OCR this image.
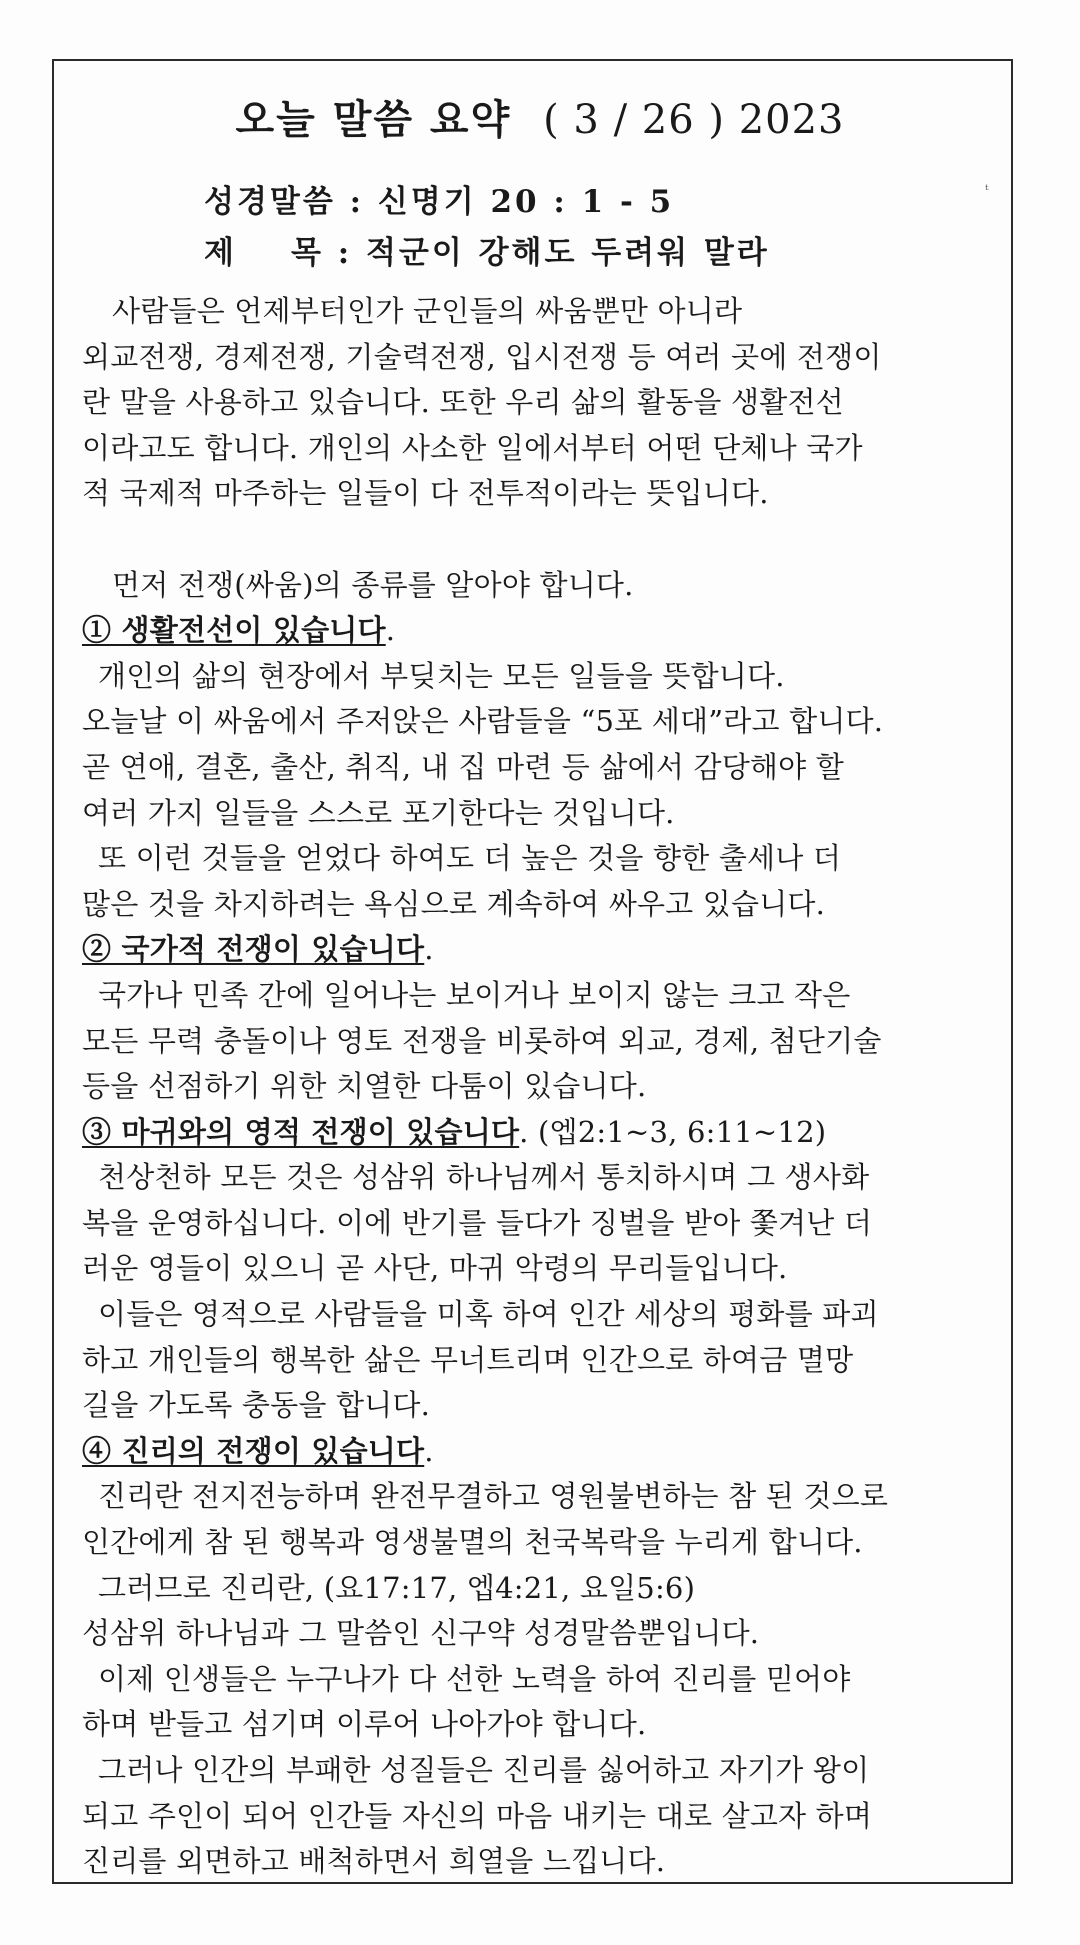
오늘 말씀 요약 ( 3 / 26 ) 2023
성경말씀 : 신명기 20 : 1 - 5
제 목 : 적군이 강해도 두려워 말라
ₜ
사람들은 언제부터인가 군인들의 싸움뿐만 아니라
외교전쟁, 경제전쟁, 기술력전쟁, 입시전쟁 등 여러 곳에 전쟁이
란 말을 사용하고 있습니다. 또한 우리 삶의 활동을 생활전선
이라고도 합니다. 개인의 사소한 일에서부터 어떤 단체나 국가
적 국제적 마주하는 일들이 다 전투적이라는 뜻입니다.
먼저 전쟁(싸움)의 종류를 알아야 합니다.
① 생활전선이 있습니다.
개인의 삶의 현장에서 부딪치는 모든 일들을 뜻합니다.
오늘날 이 싸움에서 주저앉은 사람들을 “5포 세대”라고 합니다.
곧 연애, 결혼, 출산, 취직, 내 집 마련 등 삶에서 감당해야 할
여러 가지 일들을 스스로 포기한다는 것입니다.
또 이런 것들을 얻었다 하여도 더 높은 것을 향한 출세나 더
많은 것을 차지하려는 욕심으로 계속하여 싸우고 있습니다.
② 국가적 전쟁이 있습니다.
국가나 민족 간에 일어나는 보이거나 보이지 않는 크고 작은
모든 무력 충돌이나 영토 전쟁을 비롯하여 외교, 경제, 첨단기술
등을 선점하기 위한 치열한 다툼이 있습니다.
③ 마귀와의 영적 전쟁이 있습니다. (엡2:1~3, 6:11~12)
천상천하 모든 것은 성삼위 하나님께서 통치하시며 그 생사화
복을 운영하십니다. 이에 반기를 들다가 징벌을 받아 쫓겨난 더
러운 영들이 있으니 곧 사단, 마귀 악령의 무리들입니다.
이들은 영적으로 사람들을 미혹 하여 인간 세상의 평화를 파괴
하고 개인들의 행복한 삶은 무너트리며 인간으로 하여금 멸망
길을 가도록 충동을 합니다.
④ 진리의 전쟁이 있습니다.
진리란 전지전능하며 완전무결하고 영원불변하는 참 된 것으로
인간에게 참 된 행복과 영생불멸의 천국복락을 누리게 합니다.
그러므로 진리란, (요17:17, 엡4:21, 요일5:6)
성삼위 하나님과 그 말씀인 신구약 성경말씀뿐입니다.
이제 인생들은 누구나가 다 선한 노력을 하여 진리를 믿어야
하며 받들고 섬기며 이루어 나아가야 합니다.
그러나 인간의 부패한 성질들은 진리를 싫어하고 자기가 왕이
되고 주인이 되어 인간들 자신의 마음 내키는 대로 살고자 하며
진리를 외면하고 배척하면서 희열을 느낍니다.
